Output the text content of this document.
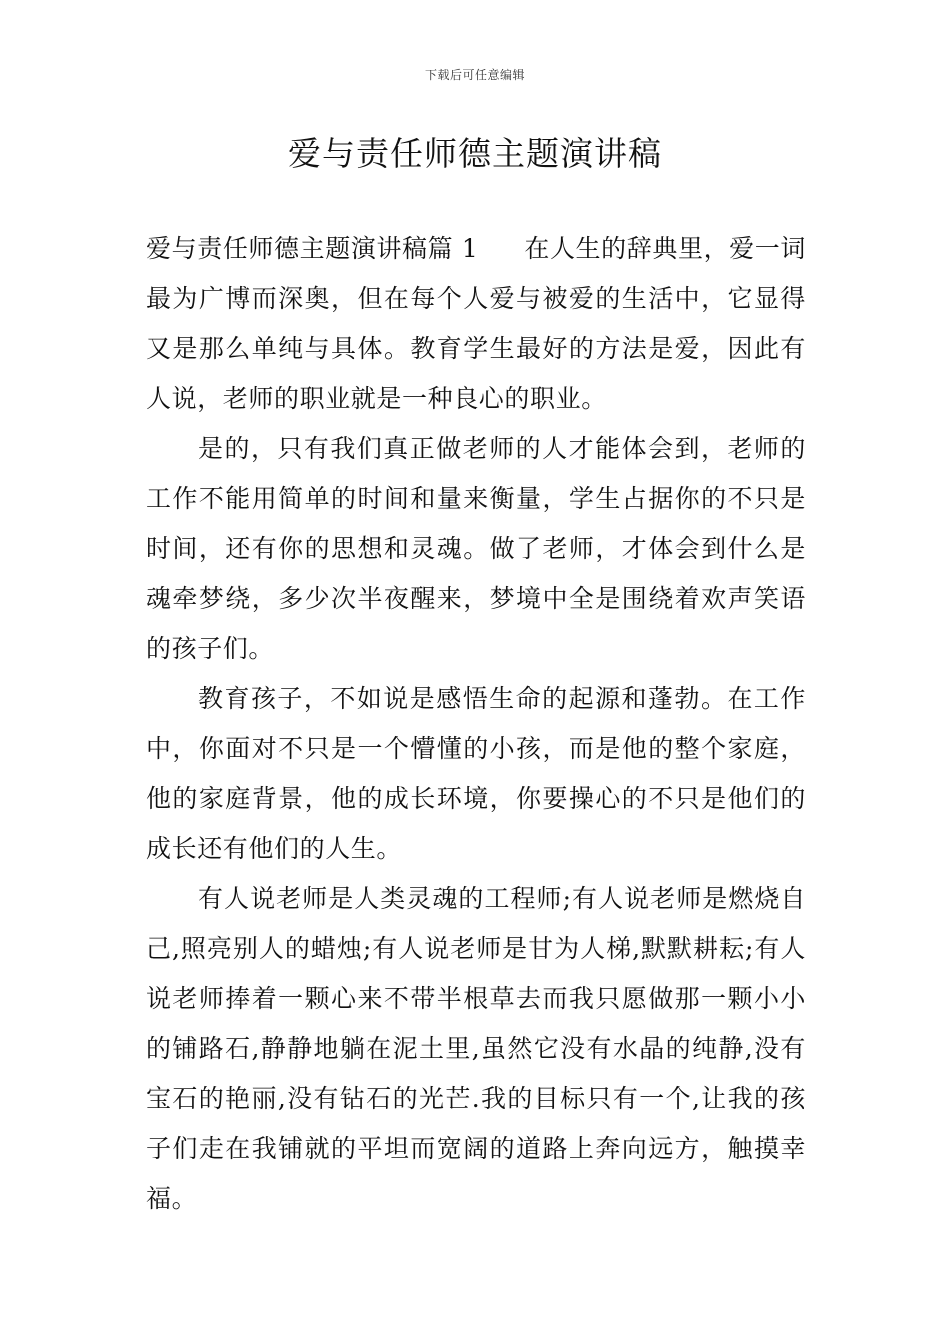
下载后可任意编辑
爱与责任师德主题演讲稿

爱与责任师德主题演讲稿篇 1 在人生的辞典里，爱一词最为广博而深奥，但在每个人爱与被爱的生活中，它显得又是那么单纯与具体。教育学生最好的方法是爱，因此有人说，老师的职业就是一种良心的职业。

是的，只有我们真正做老师的人才能体会到，老师的工作不能用简单的时间和量来衡量，学生占据你的不只是时间，还有你的思想和灵魂。做了老师，才体会到什么是魂牵梦绕，多少次半夜醒来，梦境中全是围绕着欢声笑语的孩子们。

教育孩子，不如说是感悟生命的起源和蓬勃。在工作中，你面对不只是一个懵懂的小孩，而是他的整个家庭，他的家庭背景，他的成长环境，你要操心的不只是他们的成长还有他们的人生。

有人说老师是人类灵魂的工程师;有人说老师是燃烧自己,照亮别人的蜡烛;有人说老师是甘为人梯,默默耕耘;有人说老师捧着一颗心来不带半根草去而我只愿做那一颗小小的铺路石,静静地躺在泥土里,虽然它没有水晶的纯静,没有宝石的艳丽,没有钻石的光芒.我的目标只有一个,让我的孩子们走在我铺就的平坦而宽阔的道路上奔向远方，触摸幸福。
